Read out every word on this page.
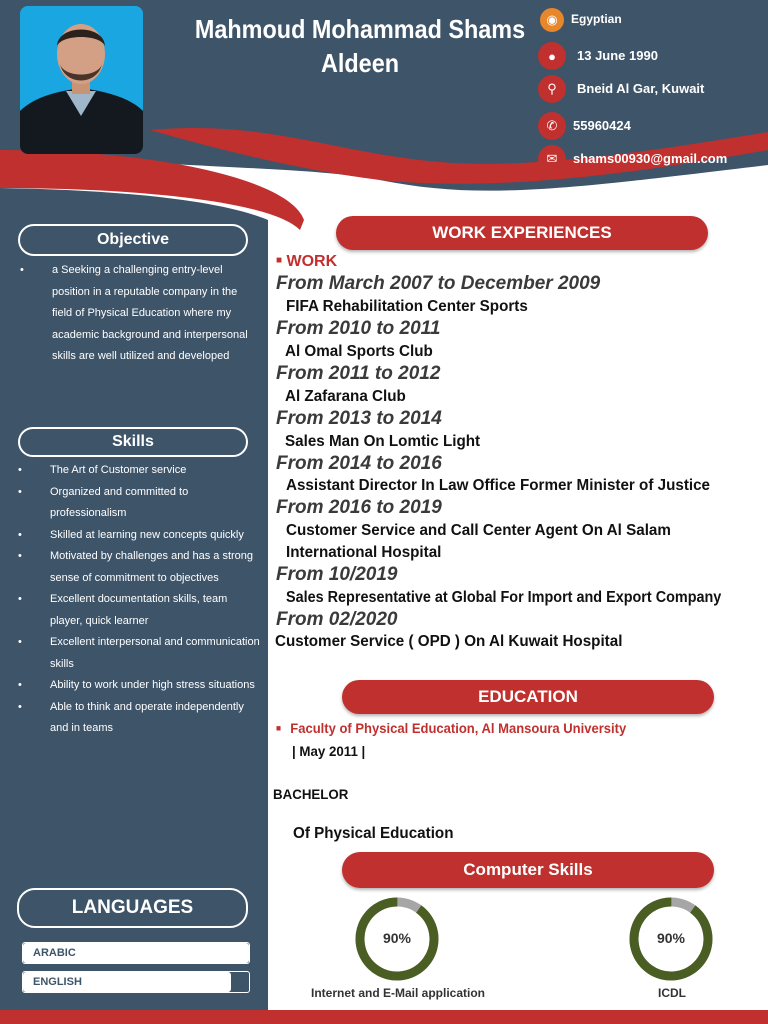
Mahmoud Mohammad Shams
Aldeen
◉	Egyptian
●	13 June 1990
⚲	Bneid Al Gar, Kuwait
✆	55960424
✉	shams00930@gmail.com
Objective
• a Seeking a challenging entry-level
position in a reputable company in the
field of Physical Education where my
academic background and interpersonal
skills are well utilized and developed
Skills
• The Art of Customer service
• Organized and committed to
professionalism
• Skilled at learning new concepts quickly
• Motivated by challenges and has a strong
sense of commitment to objectives
• Excellent documentation skills, team
player, quick learner
• Excellent interpersonal and communication
skills
• Ability to work under high stress situations
• Able to think and operate independently
and in teams
LANGUAGES
ARABIC
ENGLISH
WORK EXPERIENCES
■ WORK
From March 2007 to December 2009
FIFA Rehabilitation Center Sports
From 2010 to 2011
Al Omal Sports Club
From 2011 to 2012
Al Zafarana Club
From 2013 to 2014
Sales Man On Lomtic Light
From 2014 to 2016
Assistant Director In Law Office Former Minister of Justice
From 2016 to 2019
Customer Service and Call Center Agent On Al Salam
International Hospital
From 10/2019
Sales Representative at Global For Import and Export Company
From 02/2020
Customer Service ( OPD ) On Al Kuwait Hospital
EDUCATION
■ Faculty of Physical Education, Al Mansoura University
| May 2011 |
BACHELOR
Of Physical Education
Computer Skills
90%
Internet and E-Mail application
90%
ICDL
